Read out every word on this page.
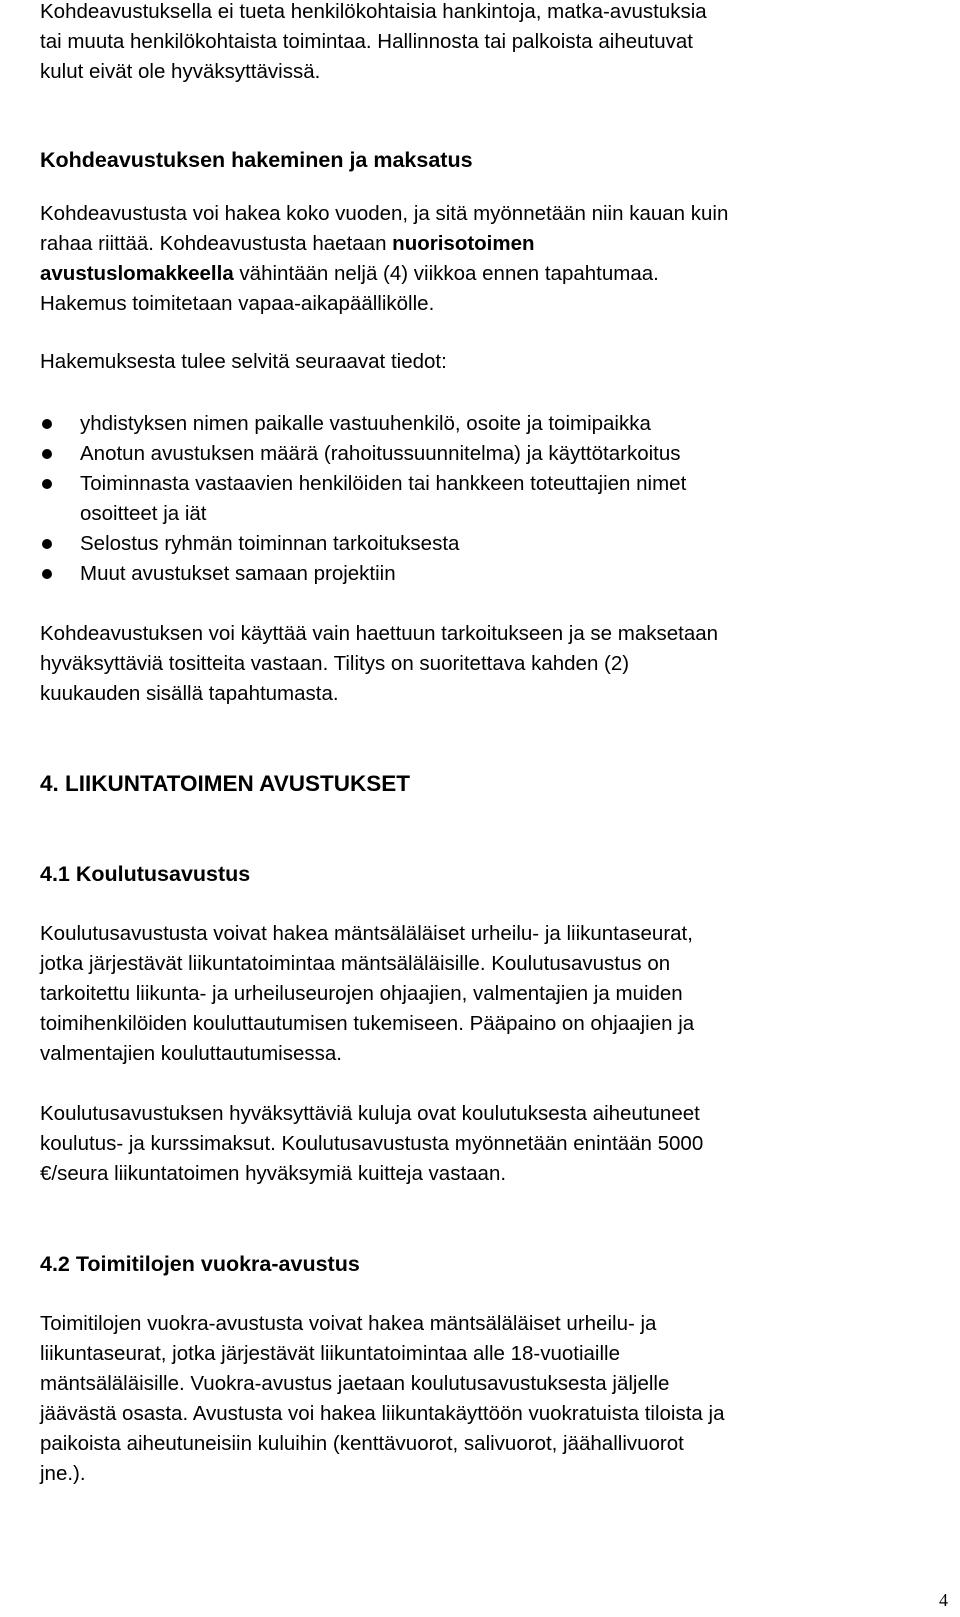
Kohdeavustuksella ei tueta henkilökohtaisia hankintoja, matka-avustuksia
tai muuta henkilökohtaista toimintaa. Hallinnosta tai palkoista aiheutuvat
kulut eivät ole hyväksyttävissä.

Kohdeavustuksen hakeminen ja maksatus

Kohdeavustusta voi hakea koko vuoden, ja sitä myönnetään niin kauan kuin
rahaa riittää. Kohdeavustusta haetaan nuorisotoimen
avustuslomakkeella vähintään neljä (4) viikkoa ennen tapahtumaa.
Hakemus toimitetaan vapaa-aikapäällikölle.

Hakemuksesta tulee selvitä seuraavat tiedot:

yhdistyksen nimen paikalle vastuuhenkilö, osoite ja toimipaikka
Anotun avustuksen määrä (rahoitussuunnitelma) ja käyttötarkoitus
Toiminnasta vastaavien henkilöiden tai hankkeen toteuttajien nimet
osoitteet ja iät
Selostus ryhmän toiminnan tarkoituksesta
Muut avustukset samaan projektiin

Kohdeavustuksen voi käyttää vain haettuun tarkoitukseen ja se maksetaan
hyväksyttäviä tositteita vastaan. Tilitys on suoritettava kahden (2)
kuukauden sisällä tapahtumasta.

4. LIIKUNTATOIMEN AVUSTUKSET

4.1 Koulutusavustus

Koulutusavustusta voivat hakea mäntsäläläiset urheilu- ja liikuntaseurat,
jotka järjestävät liikuntatoimintaa mäntsäläläisille. Koulutusavustus on
tarkoitettu liikunta- ja urheiluseurojen ohjaajien, valmentajien ja muiden
toimihenkilöiden kouluttautumisen tukemiseen. Pääpaino on ohjaajien ja
valmentajien kouluttautumisessa.

Koulutusavustuksen hyväksyttäviä kuluja ovat koulutuksesta aiheutuneet
koulutus- ja kurssimaksut. Koulutusavustusta myönnetään enintään 5000
€/seura liikuntatoimen hyväksymiä kuitteja vastaan.

4.2 Toimitilojen vuokra-avustus

Toimitilojen vuokra-avustusta voivat hakea mäntsäläläiset urheilu- ja
liikuntaseurat, jotka järjestävät liikuntatoimintaa alle 18-vuotiaille
mäntsäläläisille. Vuokra-avustus jaetaan koulutusavustuksesta jäljelle
jäävästä osasta. Avustusta voi hakea liikuntakäyttöön vuokratuista tiloista ja
paikoista aiheutuneisiin kuluihin (kenttävuorot, salivuorot, jäähallivuorot
jne.).

4
